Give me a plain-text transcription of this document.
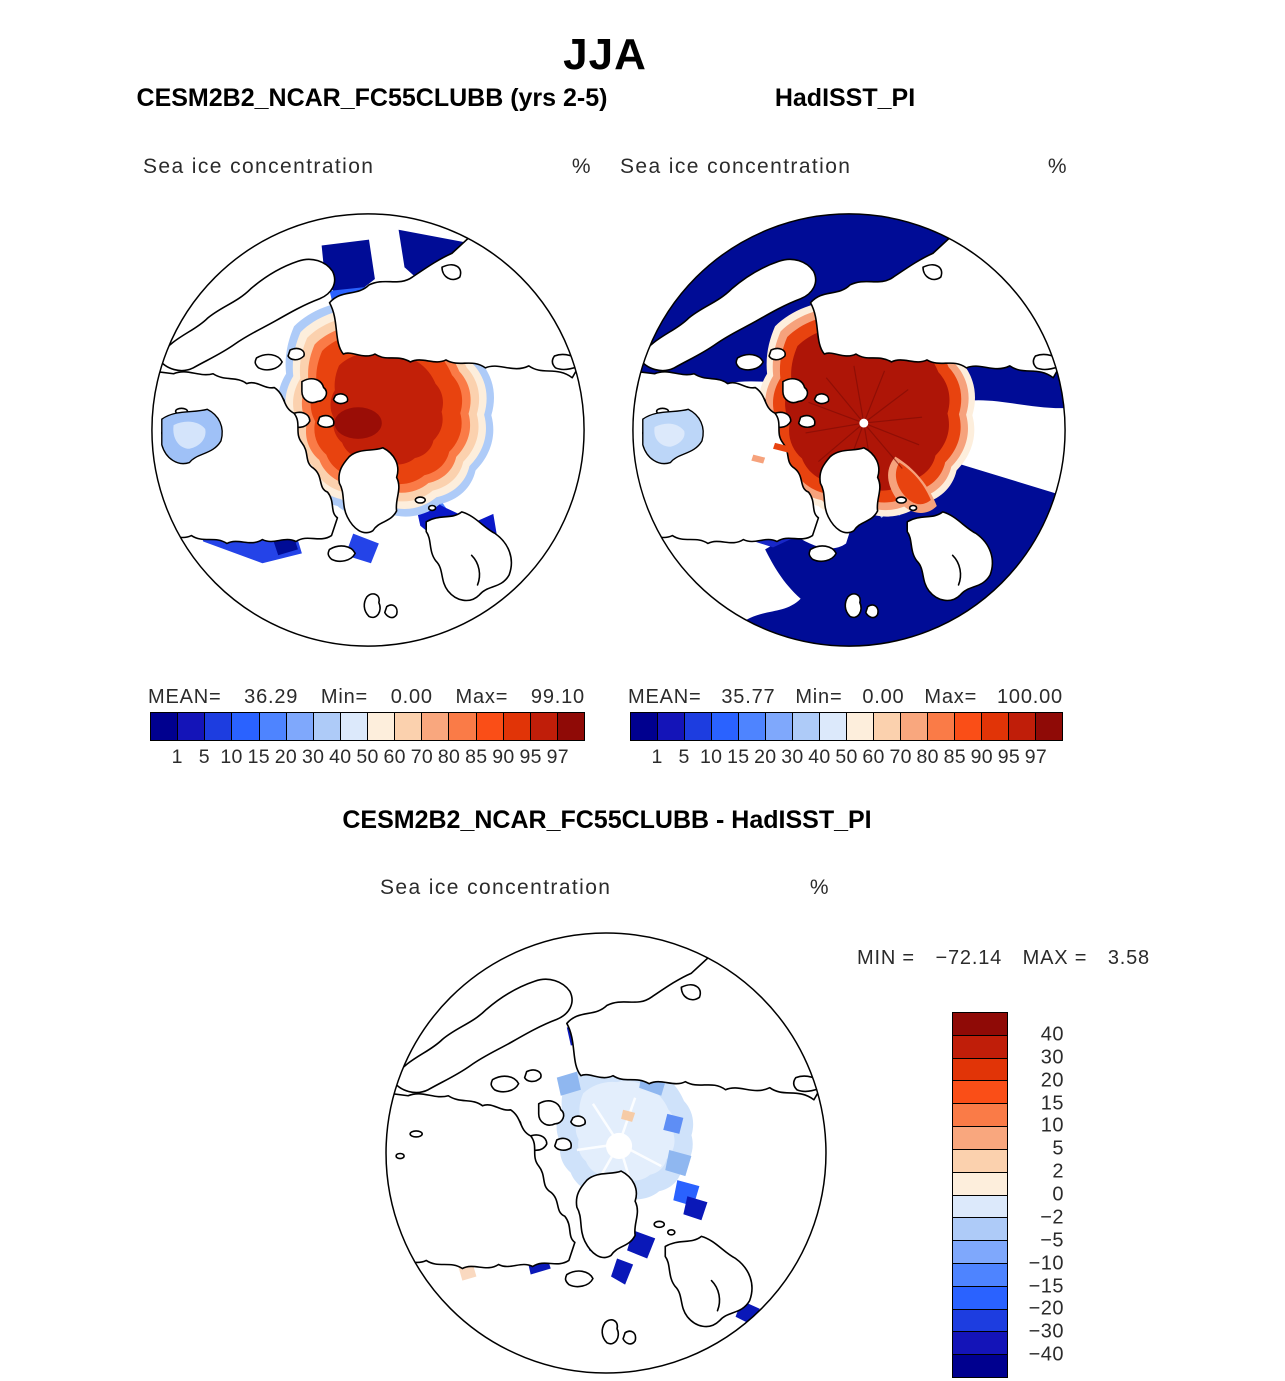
JJA
CESM2B2_NCAR_FC55CLUBB (yrs 2-5)	HadISST_PI
Sea ice concentration	% Sea ice concentration	%
MEAN= 36.29 Min= 0.00 Max= 99.10 MEAN= 35.77 Min= 0.00 Max= 100.00
1 5 10 15 20 30 40 50 60 70 80 85 90 95 97	1 5 10 15 20 30 40 50 60 70 80 85 90 95 97
CESM2B2_NCAR_FC55CLUBB - HadISST_PI
Sea ice concentration	%
MIN = −72.14 MAX = 3.58
40
30
20
15
10
5
2
0
−2
−5
−10
−15
−20
−30
−40
